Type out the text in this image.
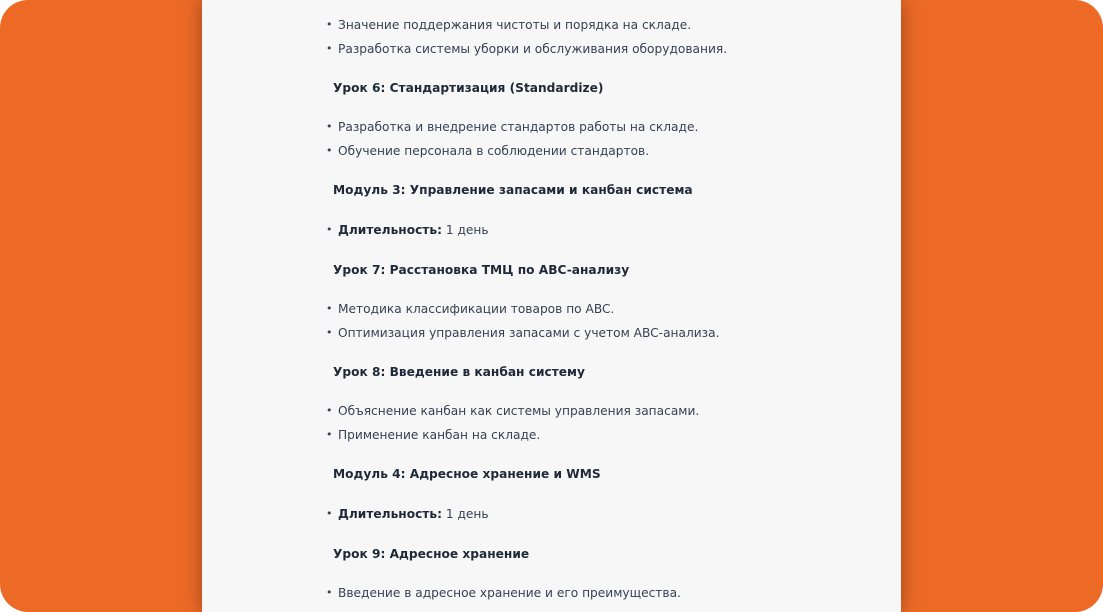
• Значение поддержания чистоты и порядка на складе.
• Разработка системы уборки и обслуживания оборудования.
Урок 6: Стандартизация (Standardize)
• Разработка и внедрение стандартов работы на складе.
• Обучение персонала в соблюдении стандартов.
Модуль 3: Управление запасами и канбан система
• Длительность: 1 день
Урок 7: Расстановка ТМЦ по ABC-анализу
• Методика классификации товаров по ABC.
• Оптимизация управления запасами с учетом ABC-анализа.
Урок 8: Введение в канбан систему
• Объяснение канбан как системы управления запасами.
• Применение канбан на складе.
Модуль 4: Адресное хранение и WMS
• Длительность: 1 день
Урок 9: Адресное хранение
• Введение в адресное хранение и его преимущества.
